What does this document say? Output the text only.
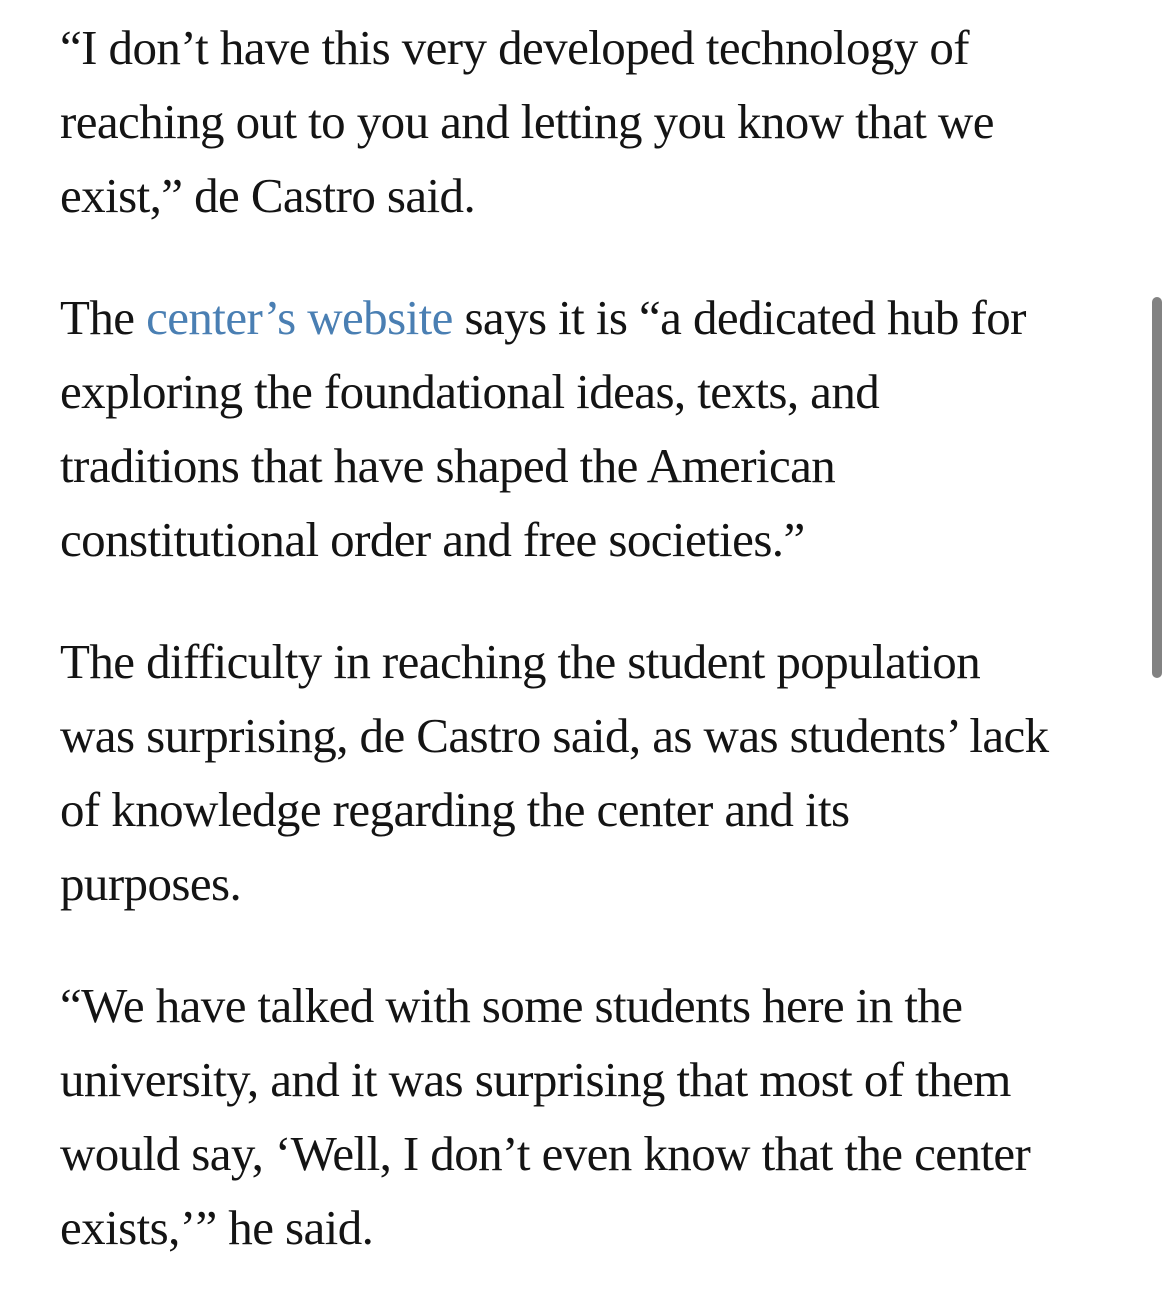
“I don’t have this very developed technology of
reaching out to you and letting you know that we
exist,” de Castro said.

The center’s website says it is “a dedicated hub for
exploring the foundational ideas, texts, and
traditions that have shaped the American
constitutional order and free societies.”

The difficulty in reaching the student population
was surprising, de Castro said, as was students’ lack
of knowledge regarding the center and its
purposes.

“We have talked with some students here in the
university, and it was surprising that most of them
would say, ‘Well, I don’t even know that the center
exists,’” he said.
